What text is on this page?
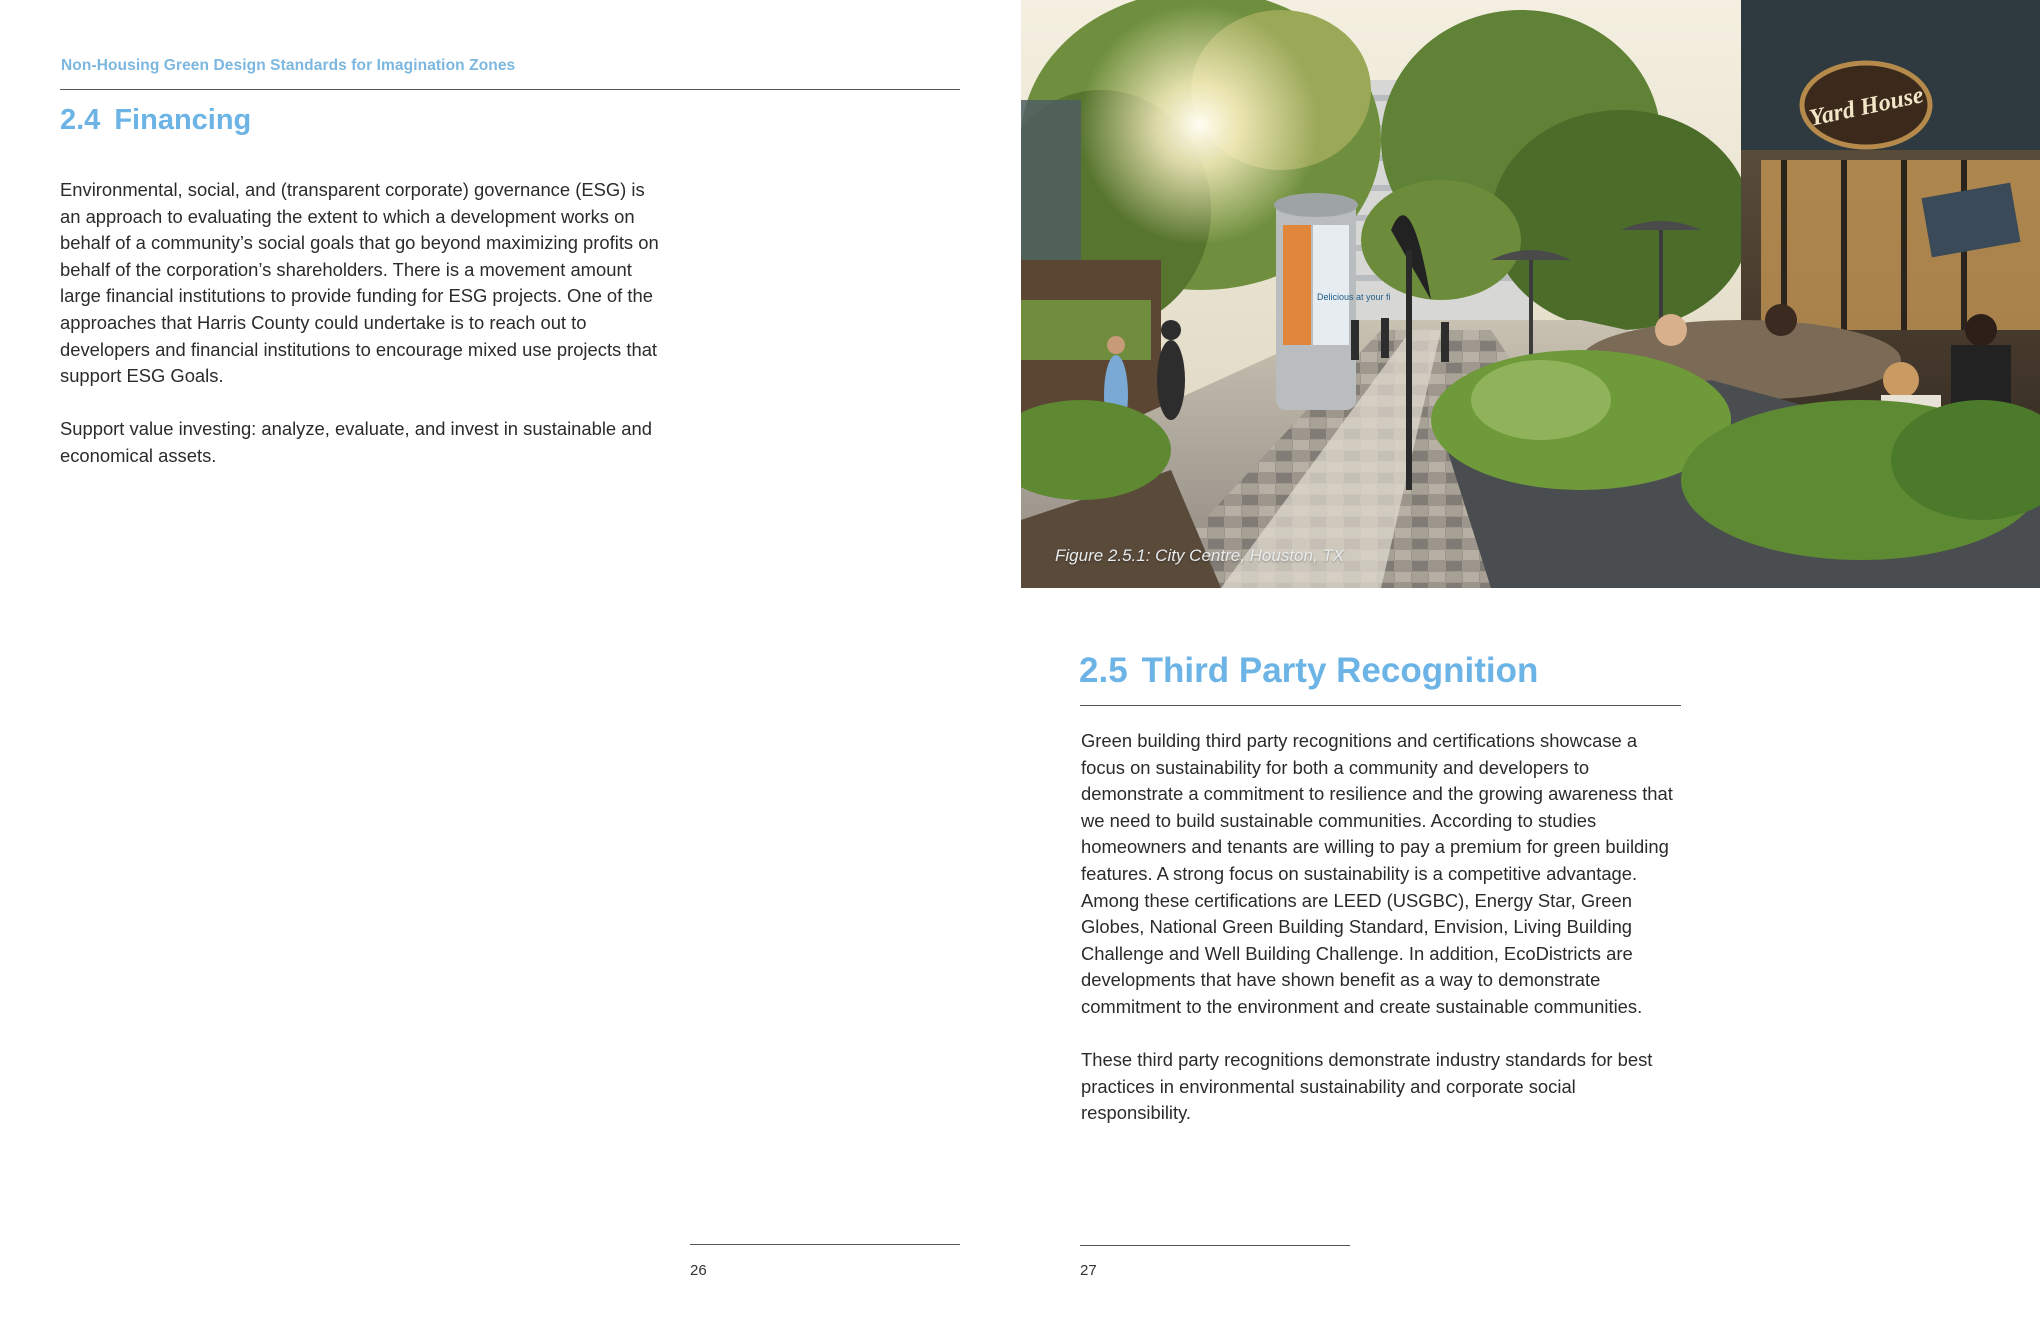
Non-Housing Green Design Standards for Imagination Zones
2.4 Financing

Environmental, social, and (transparent corporate) governance (ESG) is an approach to evaluating the extent to which a development works on behalf of a community’s social goals that go beyond maximizing profits on behalf of the corporation’s shareholders. There is a movement amount large financial institutions to provide funding for ESG projects. One of the approaches that Harris County could undertake is to reach out to developers and financial institutions to encourage mixed use projects that support ESG Goals.

Support value investing: analyze, evaluate, and invest in sustainable and economical assets.

26
Delicious at your fi
Yard House
Figure 2.5.1: City Centre, Houston, TX
2.5 Third Party Recognition

Green building third party recognitions and certifications showcase a focus on sustainability for both a community and developers to demonstrate a commitment to resilience and the growing awareness that we need to build sustainable communities. According to studies homeowners and tenants are willing to pay a premium for green building features. A strong focus on sustainability is a competitive advantage. Among these certifications are LEED (USGBC), Energy Star, Green Globes, National Green Building Standard, Envision, Living Building Challenge and Well Building Challenge. In addition, EcoDistricts are developments that have shown benefit as a way to demonstrate commitment to the environment and create sustainable communities.

These third party recognitions demonstrate industry standards for best practices in environmental sustainability and corporate social responsibility.

27
